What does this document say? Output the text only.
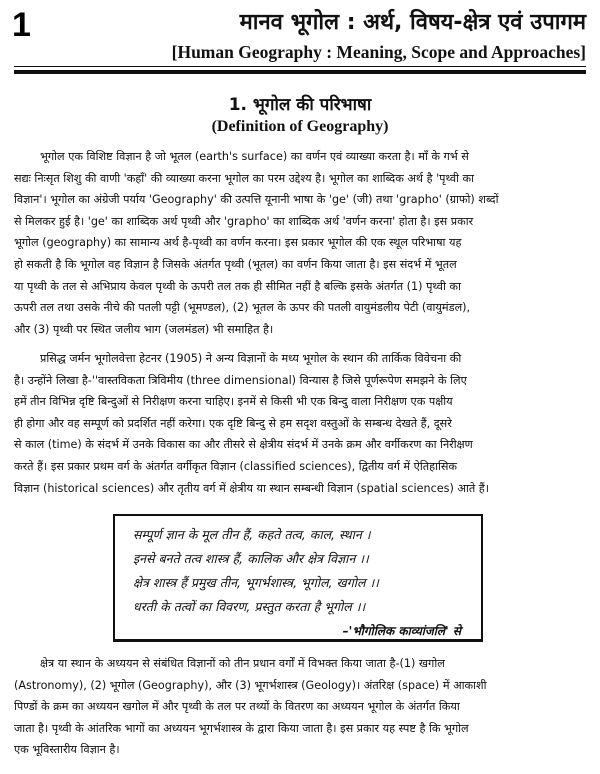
1	मानव भूगोल : अर्थ, विषय-क्षेत्र एवं उपागम
[Human Geography : Meaning, Scope and Approaches]
1. भूगोल की परिभाषा
(Definition of Geography)
भूगोल एक विशिष्ट विज्ञान है जो भूतल (earth's surface) का वर्णन एवं व्याख्या करता है। माँ के गर्भ से
सद्यः निःसृत शिशु की वाणी 'कहाँ' की व्याख्या करना भूगोल का परम उद्देश्य है। भूगोल का शाब्दिक अर्थ है 'पृथ्वी का
विज्ञान'। भूगोल का अंग्रेजी पर्याय 'Geography' की उत्पत्ति यूनानी भाषा के 'ge' (जी) तथा 'grapho' (ग्राफो) शब्दों
से मिलकर हुई है। 'ge' का शाब्दिक अर्थ पृथ्वी और 'grapho' का शाब्दिक अर्थ 'वर्णन करना' होता है। इस प्रकार
भूगोल (geography) का सामान्य अर्थ है-पृथ्वी का वर्णन करना। इस प्रकार भूगोल की एक स्थूल परिभाषा यह
हो सकती है कि भूगोल वह विज्ञान है जिसके अंतर्गत पृथ्वी (भूतल) का वर्णन किया जाता है। इस संदर्भ में भूतल
या पृथ्वी के तल से अभिप्राय केवल पृथ्वी के ऊपरी तल तक ही सीमित नहीं है बल्कि इसके अंतर्गत (1) पृथ्वी का
ऊपरी तल तथा उसके नीचे की पतली पट्टी (भूमण्डल), (2) भूतल के ऊपर की पतली वायुमंडलीय पेटी (वायुमंडल),
और (3) पृथ्वी पर स्थित जलीय भाग (जलमंडल) भी समाहित है।
प्रसिद्ध जर्मन भूगोलवेत्ता हेटनर (1905) ने अन्य विज्ञानों के मध्य भूगोल के स्थान की तार्किक विवेचना की
है। उन्होंने लिखा है-''वास्तविकता त्रिविमीय (three dimensional) विन्यास है जिसे पूर्णरूपेण समझने के लिए
हमें तीन विभिन्न दृष्टि बिन्दुओं से निरीक्षण करना चाहिए। इनमें से किसी भी एक बिन्दु वाला निरीक्षण एक पक्षीय
ही होगा और वह सम्पूर्ण को प्रदर्शित नहीं करेगा। एक दृष्टि बिन्दु से हम सदृश वस्तुओं के सम्बन्ध देखते हैं, दूसरे
से काल (time) के संदर्भ में उनके विकास का और तीसरे से क्षेत्रीय संदर्भ में उनके क्रम और वर्गीकरण का निरीक्षण
करते हैं। इस प्रकार प्रथम वर्ग के अंतर्गत वर्गीकृत विज्ञान (classified sciences), द्वितीय वर्ग में ऐतिहासिक
विज्ञान (historical sciences) और तृतीय वर्ग में क्षेत्रीय या स्थान सम्बन्धी विज्ञान (spatial sciences) आते हैं।
सम्पूर्ण ज्ञान के मूल तीन हैं, कहते तत्व, काल, स्थान ।
इनसे बनते तत्व शास्त्र हैं, कालिक और क्षेत्र विज्ञान ।।
क्षेत्र शास्त्र हैं प्रमुख तीन, भूगर्भशास्त्र, भूगोल, खगोल ।।
धरती के तत्वों का विवरण, प्रस्तुत करता है भूगोल ।।
–'भौगोलिक काव्यांजलि' से
क्षेत्र या स्थान के अध्ययन से संबंधित विज्ञानों को तीन प्रधान वर्गों में विभक्त किया जाता है-(1) खगोल
(Astronomy), (2) भूगोल (Geography), और (3) भूगर्भशास्त्र (Geology)। अंतरिक्ष (space) में आकाशी
पिण्डों के क्रम का अध्ययन खगोल में और पृथ्वी के तल पर तथ्यों के वितरण का अध्ययन भूगोल के अंतर्गत किया
जाता है। पृथ्वी के आंतरिक भागों का अध्ययन भूगर्भशास्त्र के द्वारा किया जाता है। इस प्रकार यह स्पष्ट है कि भूगोल
एक भूविस्तारीय विज्ञान है।
